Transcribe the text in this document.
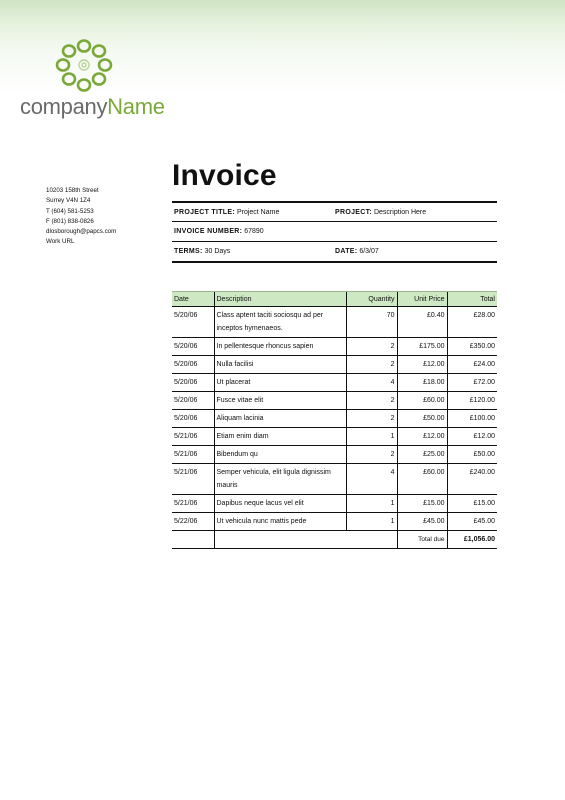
companyName
10203 158th Street
Surrey V4N 1Z4
T (604) 581-5253
F (801) 838-0826
dlosborough@papcs.com
Work URL
Invoice
PROJECT TITLE: Project Name	PROJECT: Description Here
INVOICE NUMBER: 67890
TERMS: 30 Days	DATE: 6/3/07
Date	Description	Quantity	Unit Price	Total
5/20/06	Class aptent taciti sociosqu ad per inceptos hymenaeos.	70	£0.40	£28.00
5/20/06	In pellentesque rhoncus sapien	2	£175.00	£350.00
5/20/06	Nulla facilisi	2	£12.00	£24.00
5/20/06	Ut placerat	4	£18.00	£72.00
5/20/06	Fusce vitae elit	2	£60.00	£120.00
5/20/06	Aliquam lacinia	2	£50.00	£100.00
5/21/06	Etiam enim diam	1	£12.00	£12.00
5/21/06	Bibendum qu	2	£25.00	£50.00
5/21/06	Semper vehicula, elit ligula dignissim mauris	4	£60.00	£240.00
5/21/06	Dapibus neque lacus vel elit	1	£15.00	£15.00
5/22/06	Ut vehicula nunc mattis pede	1	£45.00	£45.00
			Total due	£1,056.00
